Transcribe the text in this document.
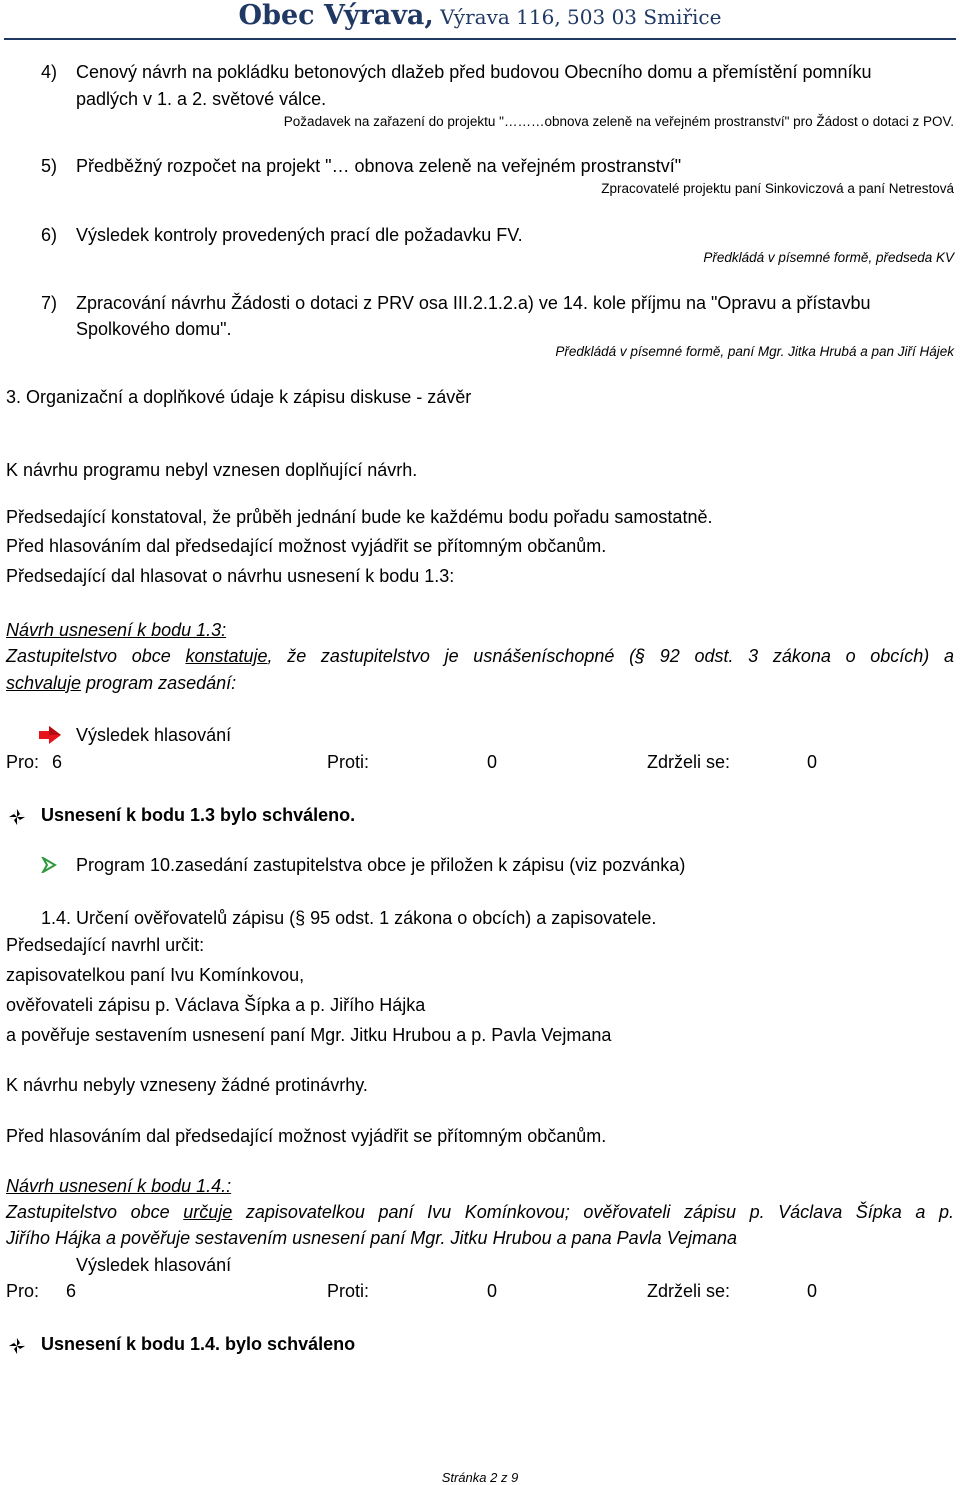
Obec Výrava, Výrava 116, 503 03 Smiřice
4) Cenový návrh na pokládku betonových dlažeb před budovou Obecního domu a přemístění pomníku
padlých v 1. a 2. světové válce.
Požadavek na zařazení do projektu "………obnova zeleně na veřejném prostranství" pro Žádost o dotaci z POV.
5) Předběžný rozpočet na projekt "… obnova zeleně na veřejném prostranství"
Zpracovatelé projektu paní Sinkoviczová a paní Netrestová
6) Výsledek kontroly provedených prací dle požadavku FV.
Předkládá v písemné formě, předseda KV
7) Zpracování návrhu Žádosti o dotaci z PRV osa III.2.1.2.a) ve 14. kole příjmu na "Opravu a přístavbu
Spolkového domu".
Předkládá v písemné formě, paní Mgr. Jitka Hrubá a pan Jiří Hájek
3. Organizační a doplňkové údaje k zápisu diskuse - závěr
K návrhu programu nebyl vznesen doplňující návrh.
Předsedající konstatoval, že průběh jednání bude ke každému bodu pořadu samostatně.
Před hlasováním dal předsedající možnost vyjádřit se přítomným občanům.
Předsedající dal hlasovat o návrhu usnesení k bodu 1.3:
Návrh usnesení k bodu 1.3:
Zastupitelstvo obce konstatuje, že zastupitelstvo je usnášeníschopné (§ 92 odst. 3 zákona o obcích) a
schvaluje program zasedání:
Výsledek hlasování
Pro: 6	Proti:	0	Zdrželi se:	0
Usnesení k bodu 1.3 bylo schváleno.
Program 10.zasedání zastupitelstva obce je přiložen k zápisu (viz pozvánka)
1.4. Určení ověřovatelů zápisu (§ 95 odst. 1 zákona o obcích) a zapisovatele.
Předsedající navrhl určit:
zapisovatelkou paní Ivu Komínkovou,
ověřovateli zápisu p. Václava Šípka a p. Jiřího Hájka
a pověřuje sestavením usnesení paní Mgr. Jitku Hrubou a p. Pavla Vejmana
K návrhu nebyly vzneseny žádné protinávrhy.
Před hlasováním dal předsedající možnost vyjádřit se přítomným občanům.
Návrh usnesení k bodu 1.4.:
Zastupitelstvo obce určuje zapisovatelkou paní Ivu Komínkovou; ověřovateli zápisu p. Václava Šípka a p.
Jiřího Hájka a pověřuje sestavením usnesení paní Mgr. Jitku Hrubou a pana Pavla Vejmana
Výsledek hlasování
Pro: 6	Proti:	0	Zdrželi se:	0
Usnesení k bodu 1.4. bylo schváleno
Stránka 2 z 9
